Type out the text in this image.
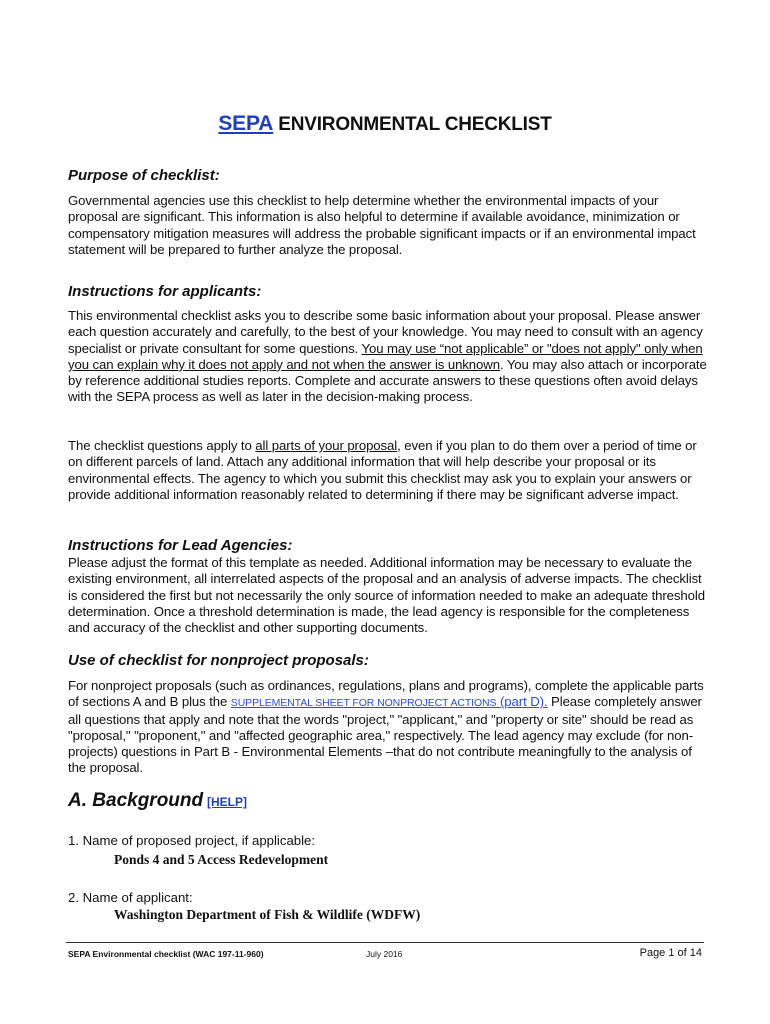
SEPA ENVIRONMENTAL CHECKLIST
Purpose of checklist:

Governmental agencies use this checklist to help determine whether the environmental impacts of your proposal are significant. This information is also helpful to determine if available avoidance, minimization or compensatory mitigation measures will address the probable significant impacts or if an environmental impact statement will be prepared to further analyze the proposal.

Instructions for applicants:

This environmental checklist asks you to describe some basic information about your proposal. Please answer each question accurately and carefully, to the best of your knowledge. You may need to consult with an agency specialist or private consultant for some questions. You may use “not applicable” or "does not apply" only when you can explain why it does not apply and not when the answer is unknown. You may also attach or incorporate by reference additional studies reports. Complete and accurate answers to these questions often avoid delays with the SEPA process as well as later in the decision-making process.

The checklist questions apply to all parts of your proposal, even if you plan to do them over a period of time or on different parcels of land. Attach any additional information that will help describe your proposal or its environmental effects. The agency to which you submit this checklist may ask you to explain your answers or provide additional information reasonably related to determining if there may be significant adverse impact.

Instructions for Lead Agencies:

Please adjust the format of this template as needed. Additional information may be necessary to evaluate the existing environment, all interrelated aspects of the proposal and an analysis of adverse impacts. The checklist is considered the first but not necessarily the only source of information needed to make an adequate threshold determination. Once a threshold determination is made, the lead agency is responsible for the completeness and accuracy of the checklist and other supporting documents.

Use of checklist for nonproject proposals:

For nonproject proposals (such as ordinances, regulations, plans and programs), complete the applicable parts of sections A and B plus the SUPPLEMENTAL SHEET FOR NONPROJECT ACTIONS (part D). Please completely answer all questions that apply and note that the words "project," "applicant," and "property or site" should be read as "proposal," "proponent," and "affected geographic area," respectively. The lead agency may exclude (for non-projects) questions in Part B - Environmental Elements –that do not contribute meaningfully to the analysis of the proposal.

A. Background [HELP]
1. Name of proposed project, if applicable:
Ponds 4 and 5 Access Redevelopment
2. Name of applicant:
Washington Department of Fish & Wildlife (WDFW)
SEPA Environmental checklist (WAC 197-11-960)	July 2016	Page 1 of 14
